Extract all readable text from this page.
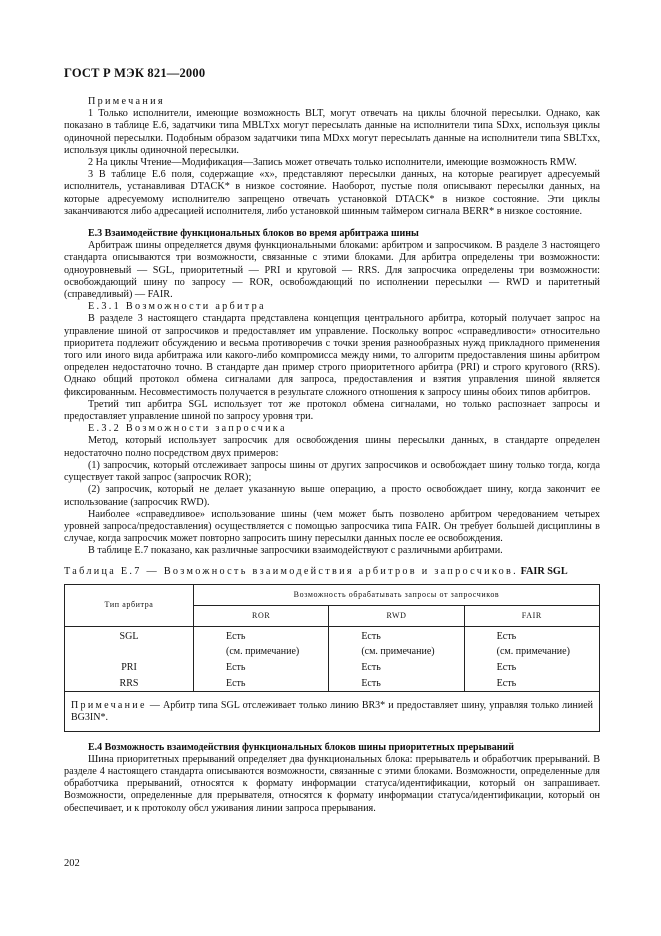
ГОСТ Р МЭК 821—2000

Примечания

1 Только исполнители, имеющие возможность BLT, могут отвечать на циклы блочной пересылки. Однако, как показано в таблице Е.6, задатчики типа MBLTxx могут пересылать данные на исполнители типа SDxx, используя циклы одиночной пересылки. Подобным образом задатчики типа MDxx могут пересылать данные на исполнители типа SBLTxx, используя циклы одиночной пересылки.

2 На циклы Чтение—Модификация—Запись может отвечать только исполнители, имеющие возможность RMW.

3 В таблице Е.6 поля, содержащие «x», представляют пересылки данных, на которые реагирует адресуемый исполнитель, устанавливая DTACK* в низкое состояние. Наоборот, пустые поля описывают пересылки данных, на которые адресуемому исполнителю запрещено отвечать установкой DTACK* в низкое состояние. Эти циклы заканчиваются либо адресацией исполнителя, либо установкой шинным таймером сигнала BERR* в низкое состояние.

Е.3 Взаимодействие функциональных блоков во время арбитража шины

Арбитраж шины определяется двумя функциональными блоками: арбитром и запросчиком. В разделе 3 настоящего стандарта описываются три возможности, связанные с этими блоками. Для арбитра определены три возможности: одноуровневый — SGL, приоритетный — PRI и круговой — RRS. Для запросчика определены три возможности: освобождающий шину по запросу — ROR, освобождающий по исполнении пересылки — RWD и паритетный (справедливый) — FAIR.

Е.3.1 Возможности арбитра

В разделе 3 настоящего стандарта представлена концепция центрального арбитра, который получает запрос на управление шиной от запросчиков и предоставляет им управление. Поскольку вопрос «справедливости» относительно приоритета подлежит обсуждению и весьма противоречив с точки зрения разнообразных нужд прикладного применения того или иного вида арбитража или какого-либо компромисса между ними, то алгоритм предоставления шины арбитром определен недостаточно точно. В стандарте дан пример строго приоритетного арбитра (PRI) и строго кругового (RRS). Однако общий протокол обмена сигналами для запроса, предоставления и взятия управления шиной является фиксированным. Несовместимость получается в результате сложного отношения к запросу шины обоих типов арбитров.

Третий тип арбитра SGL использует тот же протокол обмена сигналами, но только распознает запросы и предоставляет управление шиной по запросу уровня три.

Е.3.2 Возможности запросчика

Метод, который использует запросчик для освобождения шины пересылки данных, в стандарте определен недостаточно полно посредством двух примеров:

(1) запросчик, который отслеживает запросы шины от других запросчиков и освобождает шину только тогда, когда существует такой запрос (запросчик ROR);

(2) запросчик, который не делает указанную выше операцию, а просто освобождает шину, когда закончит ее использование (запросчик RWD).

Наиболее «справедливое» использование шины (чем может быть позволено арбитром чередованием четырех уровней запроса/предоставления) осуществляется с помощью запросчика типа FAIR. Он требует большей дисциплины в случае, когда запросчик может повторно запросить шину пересылки данных после ее освобождения.

В таблице Е.7 показано, как различные запросчики взаимодействуют с различными арбитрами.

Таблица Е.7 — Возможность взаимодействия арбитров и запросчиков. FAIR SGL

Тип арбитра	Возможность обрабатывать запросы от запросчиков		
	ROR	RWD	FAIR
SGL	Есть	Есть	Есть
	(см. примечание)	(см. примечание)	(см. примечание)
PRI	Есть	Есть	Есть
RRS	Есть	Есть	Есть
Примечание — Арбитр типа SGL отслеживает только линию BR3* и предоставляет шину, управляя только линией BG3IN*.			

Е.4 Возможность взаимодействия функциональных блоков шины приоритетных прерываний

Шина приоритетных прерываний определяет два функциональных блока: прерыватель и обработчик прерываний. В разделе 4 настоящего стандарта описываются возможности, связанные с этими блоками. Возможности, определенные для обработчика прерываний, относятся к формату информации статуса/идентификации, который он запрашивает. Возможности, определенные для прерывателя, относятся к формату информации статуса/идентификации, который он обеспечивает, и к протоколу обсл уживания линии запроса прерывания.

202
